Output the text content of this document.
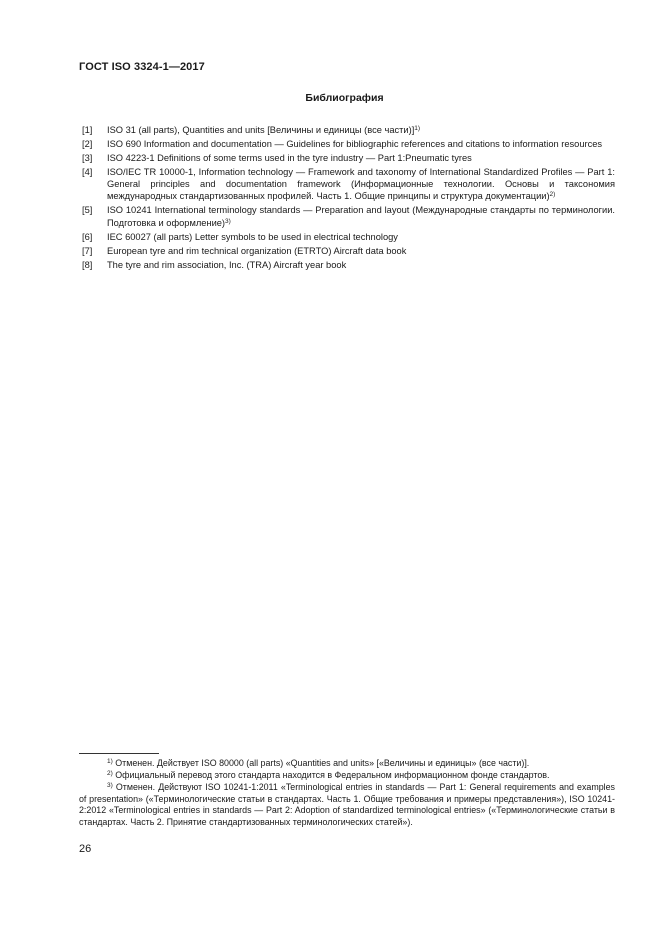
ГОСТ ISO 3324-1—2017
Библиография
[1]	ISO 31 (all parts), Quantities and units [Величины и единицы (все части)]$^{1)}$
[2]	ISO 690 Information and documentation — Guidelines for bibliographic references and citations to information resources
[3]	ISO 4223-1 Definitions of some terms used in the tyre industry — Part 1:Pneumatic tyres
[4]	ISO/IEC TR 10000-1, Information technology — Framework and taxonomy of International Standardized Profiles — Part 1: General principles and documentation framework (Информационные технологии. Основы и таксономия международных стандартизованных профилей. Часть 1. Общие принципы и структура документации)$^{2)}$
[5]	ISO 10241 International terminology standards — Preparation and layout (Международные стандарты по терминологии. Подготовка и оформление)$^{3)}$
[6]	IEC 60027 (all parts) Letter symbols to be used in electrical technology
[7]	European tyre and rim technical organization (ETRTO) Aircraft data book
[8]	The tyre and rim association, Inc. (TRA) Aircraft year book
$^{1)}$ Отменен. Действует ISO 80000 (all parts) «Quantities and units» [«Величины и единицы» (все части)].
$^{2)}$ Официальный перевод этого стандарта находится в Федеральном информационном фонде стандартов.
$^{3)}$ Отменен. Действуют ISO 10241-1:2011 «Terminological entries in standards — Part 1: General requirements and examples of presentation» («Терминологические статьи в стандартах. Часть 1. Общие требования и примеры представления»), ISO 10241-2:2012 «Terminological entries in standards — Part 2: Adoption of standardized terminological entries» («Терминологические статьи в стандартах. Часть 2. Принятие стандартизованных терминологических статей»).
26
